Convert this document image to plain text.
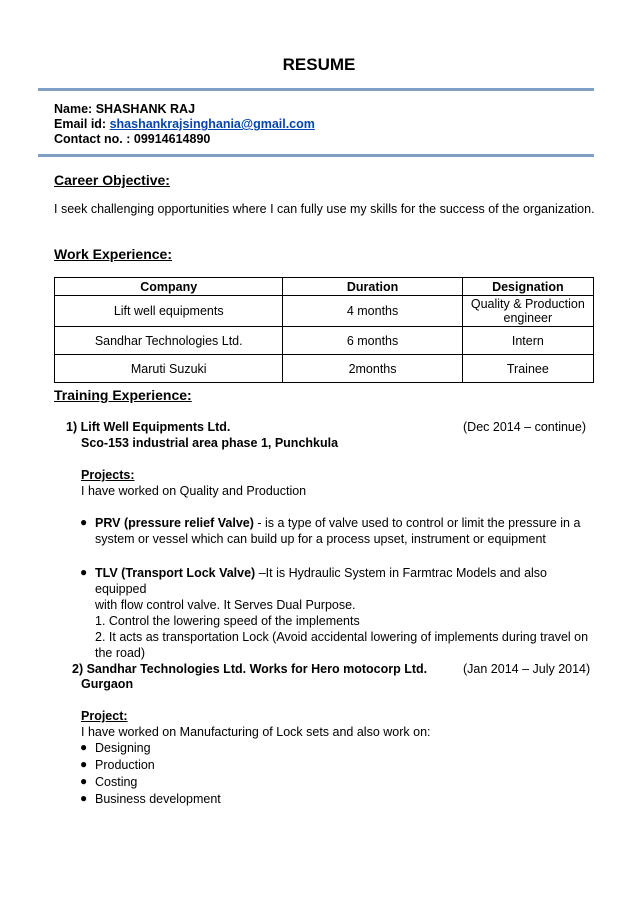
RESUME
Name: SHASHANK RAJ
Email id: shashankrajsinghania@gmail.com
Contact no. : 09914614890
Career Objective:
I seek challenging opportunities where I can fully use my skills for the success of the organization.
Work Experience:
Company	Duration	Designation
Lift well equipments	4 months	Quality & Production engineer
Sandhar Technologies Ltd.	6 months	Intern
Maruti Suzuki	2months	Trainee
Training Experience:
1) Lift Well Equipments Ltd.	(Dec 2014 – continue)
Sco-153 industrial area phase 1, Punchkula
Projects:
I have worked on Quality and Production
● PRV (pressure relief Valve) - is a type of valve used to control or limit the pressure in a
system or vessel which can build up for a process upset, instrument or equipment
● TLV (Transport Lock Valve) –It is Hydraulic System in Farmtrac Models and also equipped
with flow control valve. It Serves Dual Purpose.
1. Control the lowering speed of the implements
2. It acts as transportation Lock (Avoid accidental lowering of implements during travel on
the road)
2) Sandhar Technologies Ltd. Works for Hero motocorp Ltd.	(Jan 2014 – July 2014)
Gurgaon
Project:
I have worked on Manufacturing of Lock sets and also work on:
● Designing
● Production
● Costing
● Business development
